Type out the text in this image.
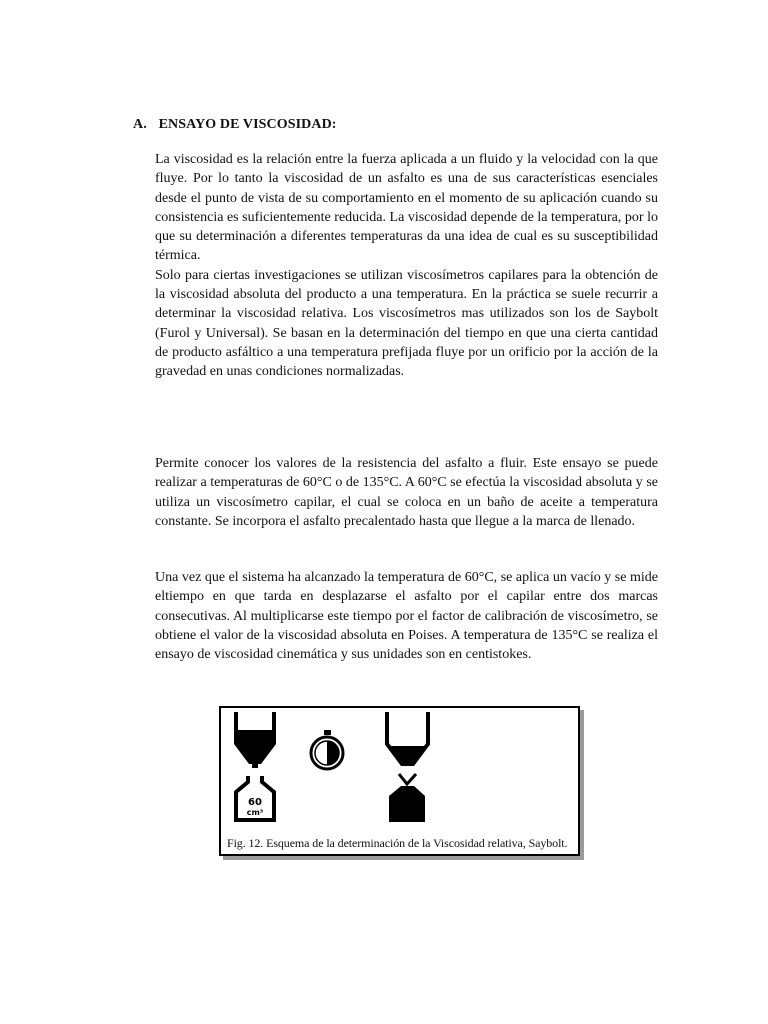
A. ENSAYO DE VISCOSIDAD:

La viscosidad es la relación entre la fuerza aplicada a un fluido y la velocidad con la que fluye. Por lo tanto la viscosidad de un asfalto es una de sus características esenciales desde el punto de vista de su comportamiento en el momento de su aplicación cuando su consistencia es suficientemente reducida. La viscosidad depende de la temperatura, por lo que su determinación a diferentes temperaturas da una idea de cual es su susceptibilidad térmica.

Solo para ciertas investigaciones se utilizan viscosímetros capilares para la obtención de la viscosidad absoluta del producto a una temperatura. En la práctica se suele recurrir a determinar la viscosidad relativa. Los viscosímetros mas utilizados son los de Saybolt (Furol y Universal). Se basan en la determinación del tiempo en que una cierta cantidad de producto asfáltico a una temperatura prefijada fluye por un orificio por la acción de la gravedad en unas condiciones normalizadas.

Permite conocer los valores de la resistencia del asfalto a fluir. Este ensayo se puede realizar a temperaturas de 60°C o de 135°C. A 60°C se efectúa la viscosidad absoluta y se utiliza un viscosímetro capilar, el cual se coloca en un baño de aceite a temperatura constante. Se incorpora el asfalto precalentado hasta que llegue a la marca de llenado.

Una vez que el sistema ha alcanzado la temperatura de 60°C, se aplica un vacío y se mide eltiempo en que tarda en desplazarse el asfalto por el capilar entre dos marcas consecutivas. Al multiplicarse este tiempo por el factor de calibración de viscosímetro, se obtiene el valor de la viscosidad absoluta en Poises. A temperatura de 135°C se realiza el ensayo de viscosidad cinemática y sus unidades son en centistokes.

60
cm³
Fig. 12. Esquema de la determinación de la Viscosidad relativa, Saybolt.
